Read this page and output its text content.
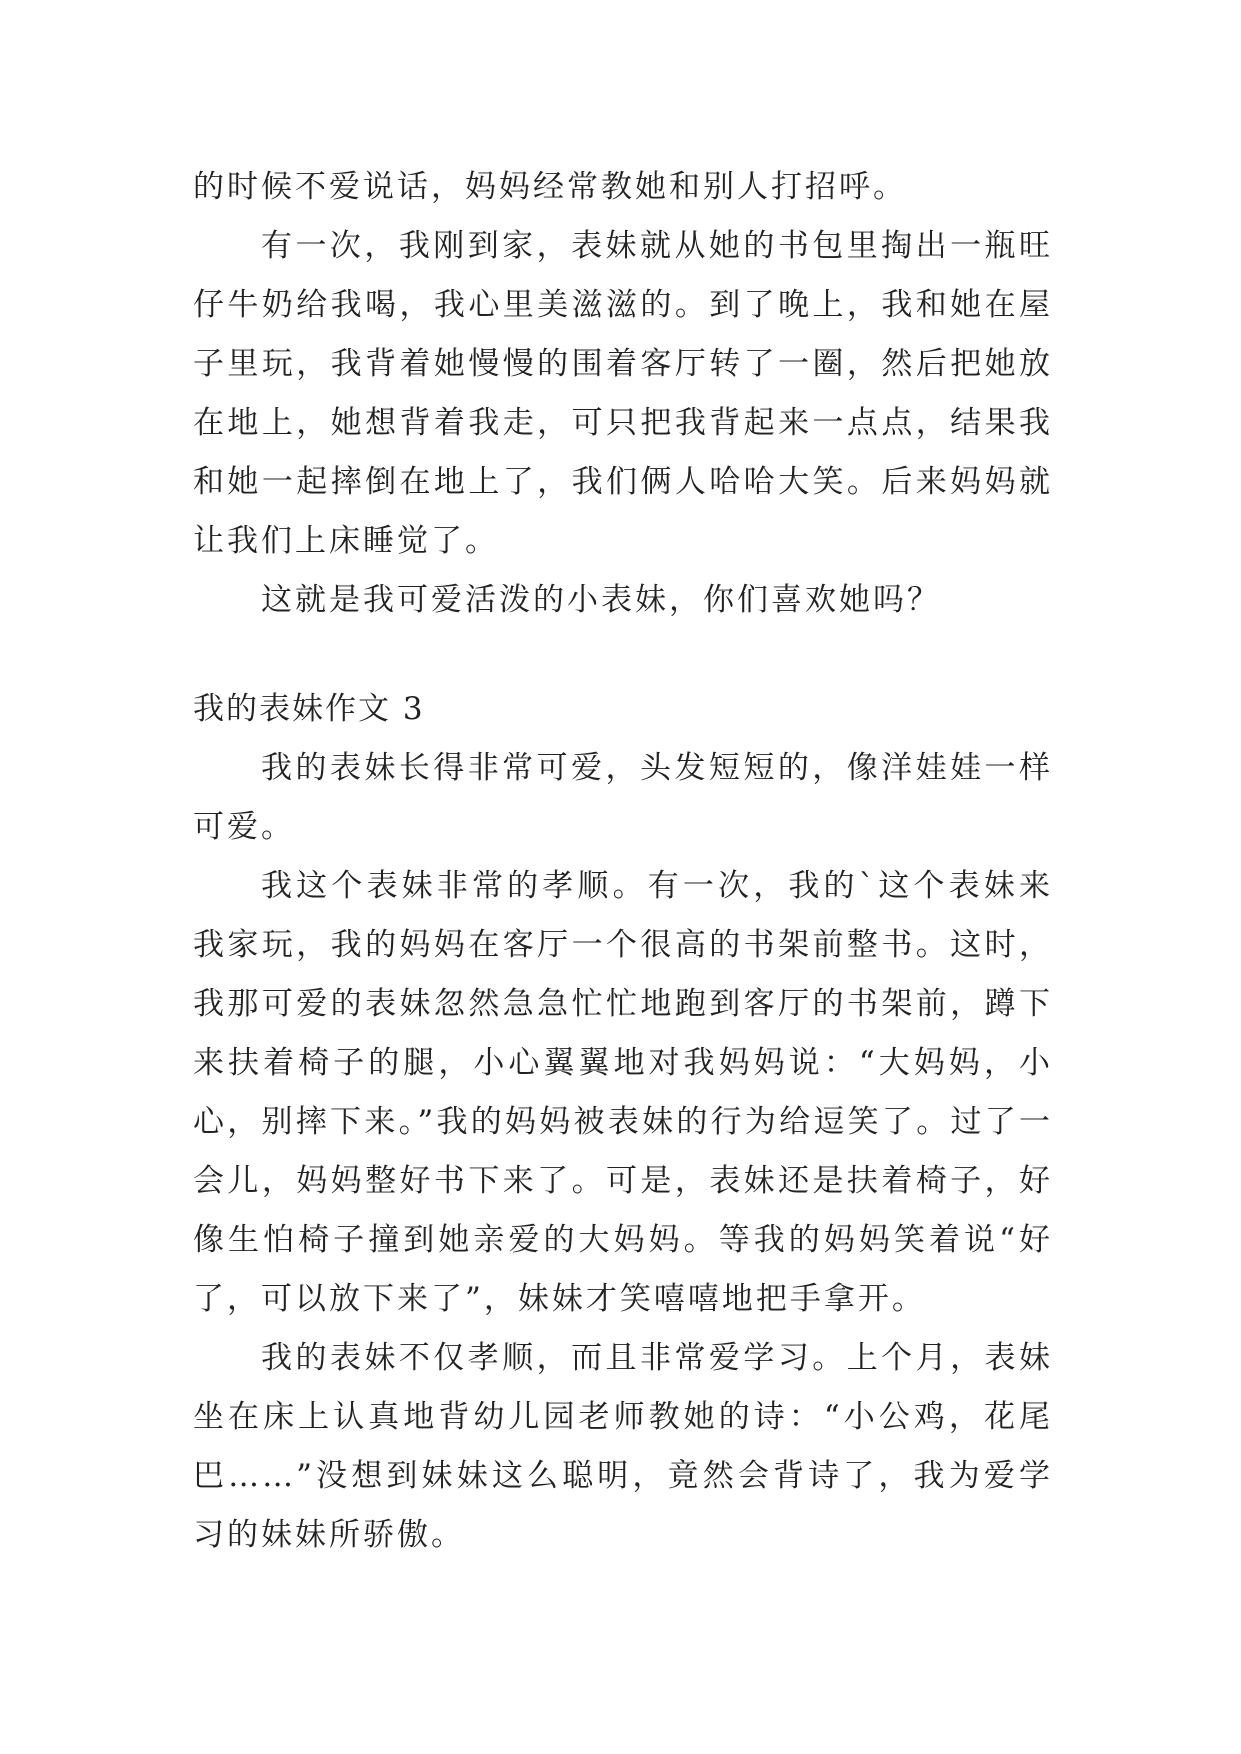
的时候不爱说话，妈妈经常教她和别人打招呼。

有一次，我刚到家，表妹就从她的书包里掏出一瓶旺仔牛奶给我喝，我心里美滋滋的。到了晚上，我和她在屋子里玩，我背着她慢慢的围着客厅转了一圈，然后把她放在地上，她想背着我走，可只把我背起来一点点，结果我和她一起摔倒在地上了，我们俩人哈哈大笑。后来妈妈就让我们上床睡觉了。

这就是我可爱活泼的小表妹，你们喜欢她吗？

我的表妹作文 3

我的表妹长得非常可爱，头发短短的，像洋娃娃一样可爱。

我这个表妹非常的孝顺。有一次，我的`这个表妹来我家玩，我的妈妈在客厅一个很高的书架前整书。这时，我那可爱的表妹忽然急急忙忙地跑到客厅的书架前，蹲下来扶着椅子的腿，小心翼翼地对我妈妈说：“大妈妈，小心，别摔下来。”我的妈妈被表妹的行为给逗笑了。过了一会儿，妈妈整好书下来了。可是，表妹还是扶着椅子，好像生怕椅子撞到她亲爱的大妈妈。等我的妈妈笑着说“好了，可以放下来了”，妹妹才笑嘻嘻地把手拿开。

我的表妹不仅孝顺，而且非常爱学习。上个月，表妹坐在床上认真地背幼儿园老师教她的诗：“小公鸡，花尾巴……”没想到妹妹这么聪明，竟然会背诗了，我为爱学习的妹妹所骄傲。
